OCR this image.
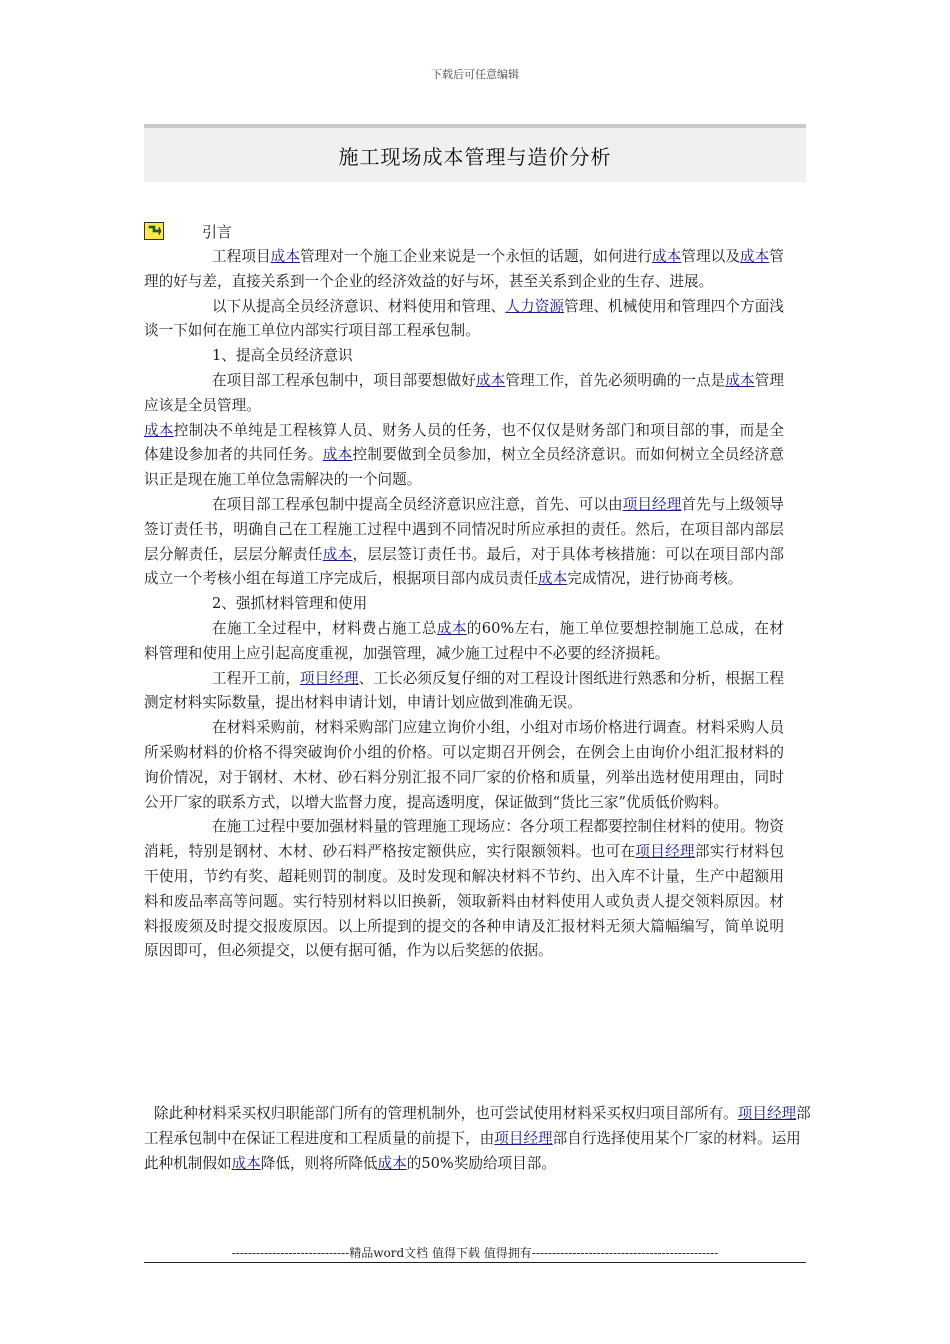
下载后可任意编辑
施工现场成本管理与造价分析
引言

工程项目成本管理对一个施工企业来说是一个永恒的话题，如何进行成本管理以及成本管理的好与差，直接关系到一个企业的经济效益的好与坏，甚至关系到企业的生存、进展。

以下从提高全员经济意识、材料使用和管理、人力资源管理、机械使用和管理四个方面浅谈一下如何在施工单位内部实行项目部工程承包制。

1、提高全员经济意识

在项目部工程承包制中，项目部要想做好成本管理工作，首先必须明确的一点是成本管理应该是全员管理。

成本控制决不单纯是工程核算人员、财务人员的任务，也不仅仅是财务部门和项目部的事，而是全体建设参加者的共同任务。成本控制要做到全员参加，树立全员经济意识。而如何树立全员经济意识正是现在施工单位急需解决的一个问题。

在项目部工程承包制中提高全员经济意识应注意，首先、可以由项目经理首先与上级领导签订责任书，明确自己在工程施工过程中遇到不同情况时所应承担的责任。然后，在项目部内部层层分解责任，层层分解责任成本，层层签订责任书。最后，对于具体考核措施：可以在项目部内部成立一个考核小组在每道工序完成后，根据项目部内成员责任成本完成情况，进行协商考核。

2、强抓材料管理和使用

在施工全过程中，材料费占施工总成本的60%左右，施工单位要想控制施工总成，在材料管理和使用上应引起高度重视，加强管理，减少施工过程中不必要的经济损耗。

工程开工前，项目经理、工长必须反复仔细的对工程设计图纸进行熟悉和分析，根据工程测定材料实际数量，提出材料申请计划，申请计划应做到准确无误。

在材料采购前，材料采购部门应建立询价小组，小组对市场价格进行调查。材料采购人员所采购材料的价格不得突破询价小组的价格。可以定期召开例会，在例会上由询价小组汇报材料的询价情况，对于钢材、木材、砂石料分别汇报不同厂家的价格和质量，列举出选材使用理由，同时公开厂家的联系方式，以增大监督力度，提高透明度，保证做到“货比三家”优质低价购料。

在施工过程中要加强材料量的管理施工现场应：各分项工程都要控制住材料的使用。物资消耗，特别是钢材、木材、砂石料严格按定额供应，实行限额领料。也可在项目经理部实行材料包干使用，节约有奖、超耗则罚的制度。及时发现和解决材料不节约、出入库不计量，生产中超额用料和废品率高等问题。实行特别材料以旧换新，领取新料由材料使用人或负责人提交领料原因。材料报废须及时提交报废原因。以上所提到的提交的各种申请及汇报材料无须大篇幅编写，简单说明原因即可，但必须提交，以便有据可循，作为以后奖惩的依据。

除此种材料采买权归职能部门所有的管理机制外，也可尝试使用材料采买权归项目部所有。项目经理部工程承包制中在保证工程进度和工程质量的前提下，由项目经理部自行选择使用某个厂家的材料。运用此种机制假如成本降低，则将所降低成本的50%奖励给项目部。

-----------------------------精品word文档 值得下载 值得拥有----------------------------------------------
